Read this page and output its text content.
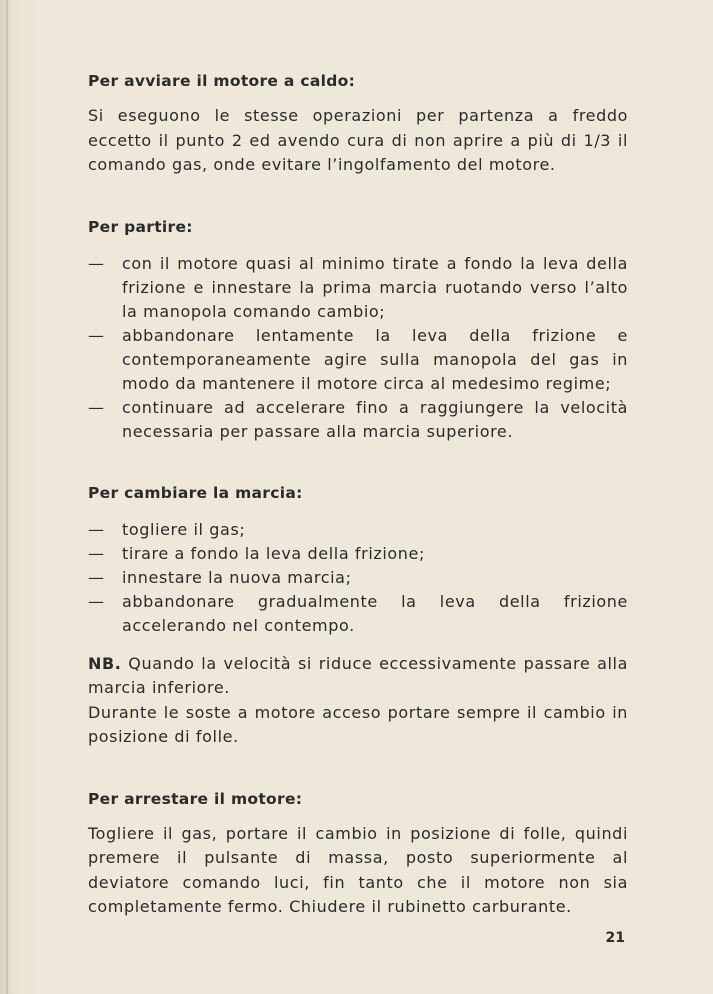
Per avviare il motore a caldo:

Si eseguono le stesse operazioni per partenza a freddo eccetto il punto 2 ed avendo cura di non aprire a più di 1/3 il comando gas, onde evitare l’ingolfamento del motore.

Per partire:
— con il motore quasi al minimo tirate a fondo la leva della frizione e innestare la prima marcia ruotando verso l’alto la manopola comando cambio;
— abbandonare lentamente la leva della frizione e contemporaneamente agire sulla manopola del gas in modo da mantenere il motore circa al medesimo regime;
— continuare ad accelerare fino a raggiungere la velocità necessaria per passare alla marcia superiore.
Per cambiare la marcia:
— togliere il gas;
— tirare a fondo la leva della frizione;
— innestare la nuova marcia;
— abbandonare gradualmente la leva della frizione accelerando nel contempo.

NB. Quando la velocità si riduce eccessivamente passare alla marcia inferiore.

Durante le soste a motore acceso portare sempre il cambio in posizione di folle.

Per arrestare il motore:

Togliere il gas, portare il cambio in posizione di folle, quindi premere il pulsante di massa, posto superiormente al deviatore comando luci, fin tanto che il motore non sia completamente fermo. Chiudere il rubinetto carburante.

21
